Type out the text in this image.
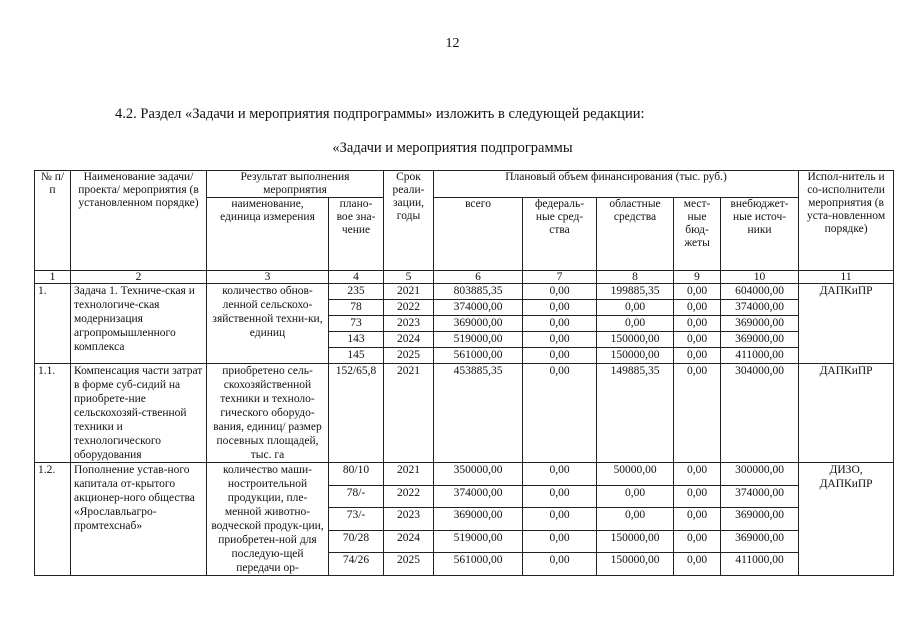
12
4.2. Раздел «Задачи и мероприятия подпрограммы» изложить в следующей редакции:
«Задачи и мероприятия подпрограммы
№ п/п	Наименование задачи/проекта/ мероприятия (в установленном порядке)	Результат выполнения мероприятия		Срок реали-зации, годы	Плановый объем финансирования (тыс. руб.)					Испол-нитель и со-исполнители мероприятия (в уста-новленном порядке)
		наименование, единица измерения	плано-вое зна-чение		всего	федераль-ные сред-ства	областные средства	мест-ные бюд-жеты	внебюджет-ные источ-ники	
1	2	3	4	5	6	7	8	9	10	11
1.	Задача 1. Техниче-ская и технологиче-ская модернизация агропромышленного комплекса	количество обнов-ленной сельскохо-зяйственной техни-ки, единиц	235	2021	803885,35	0,00	199885,35	0,00	604000,00	ДАПКиПР
			78	2022	374000,00	0,00	0,00	0,00	374000,00	
			73	2023	369000,00	0,00	0,00	0,00	369000,00	
			143	2024	519000,00	0,00	150000,00	0,00	369000,00	
			145	2025	561000,00	0,00	150000,00	0,00	411000,00	
1.1.	Компенсация части затрат в форме суб-сидий на приобрете-ние сельскохозяй-ственной техники и технологического оборудования	приобретено сель-скохозяйственной техники и техноло-гического оборудо-вания, единиц/ размер посевных площадей, тыс. га	152/65,8	2021	453885,35	0,00	149885,35	0,00	304000,00	ДАПКиПР
1.2.	Пополнение устав-ного капитала от-крытого акционер-ного общества «Ярославльагро-промтехснаб»	количество маши-ностроительной продукции, пле-менной животно-водческой продук-ции, приобретен-ной для последую-щей передачи ор-	80/10	2021	350000,00	0,00	50000,00	0,00	300000,00	ДИЗО, ДАПКиПР
			78/-	2022	374000,00	0,00	0,00	0,00	374000,00	
			73/-	2023	369000,00	0,00	0,00	0,00	369000,00	
			70/28	2024	519000,00	0,00	150000,00	0,00	369000,00	
			74/26	2025	561000,00	0,00	150000,00	0,00	411000,00	
